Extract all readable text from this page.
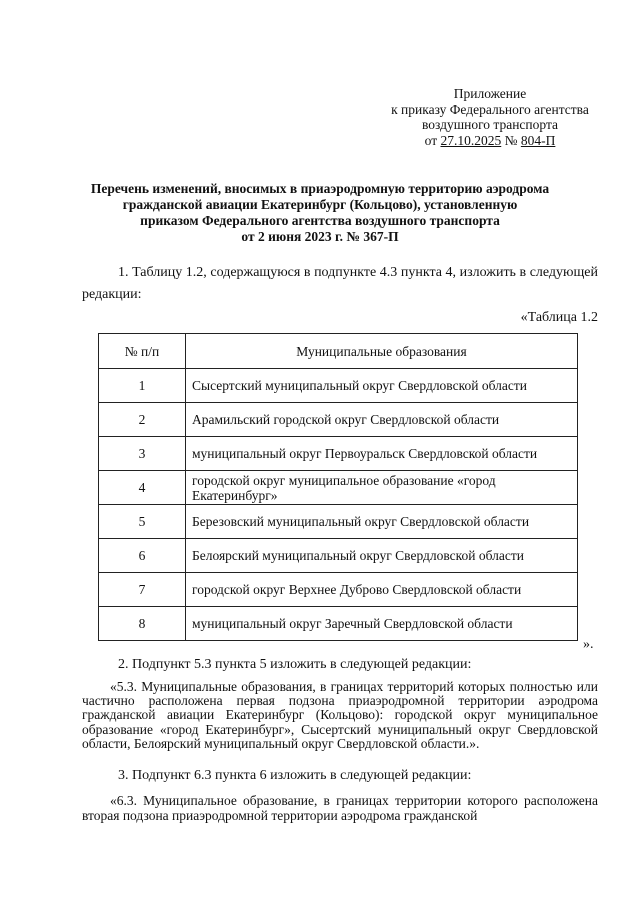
Приложение
к приказу Федерального агентства
воздушного транспорта
от 27.10.2025 № 804-П
Перечень изменений, вносимых в приаэродромную территорию аэродрома
гражданской авиации Екатеринбург (Кольцово), установленную
приказом Федерального агентства воздушного транспорта
от 2 июня 2023 г. № 367-П
1. Таблицу 1.2, содержащуюся в подпункте 4.3 пункта 4, изложить в следующей редакции:
«Таблица 1.2
№ п/п	Муниципальные образования
1	Сысертский муниципальный округ Свердловской области
2	Арамильский городской округ Свердловской области
3	муниципальный округ Первоуральск Свердловской области
4	городской округ муниципальное образование «город Екатеринбург»
5	Березовский муниципальный округ Свердловской области
6	Белоярский муниципальный округ Свердловской области
7	городской округ Верхнее Дуброво Свердловской области
8	муниципальный округ Заречный Свердловской области
».
2. Подпункт 5.3 пункта 5 изложить в следующей редакции:
«5.3. Муниципальные образования, в границах территорий которых полностью или частично расположена первая подзона приаэродромной территории аэродрома гражданской авиации Екатеринбург (Кольцово): городской округ муниципальное образование «город Екатеринбург», Сысертский муниципальный округ Свердловской области, Белоярский муниципальный округ Свердловской области.».
3. Подпункт 6.3 пункта 6 изложить в следующей редакции:
«6.3. Муниципальное образование, в границах территории которого расположена вторая подзона приаэродромной территории аэродрома гражданской
